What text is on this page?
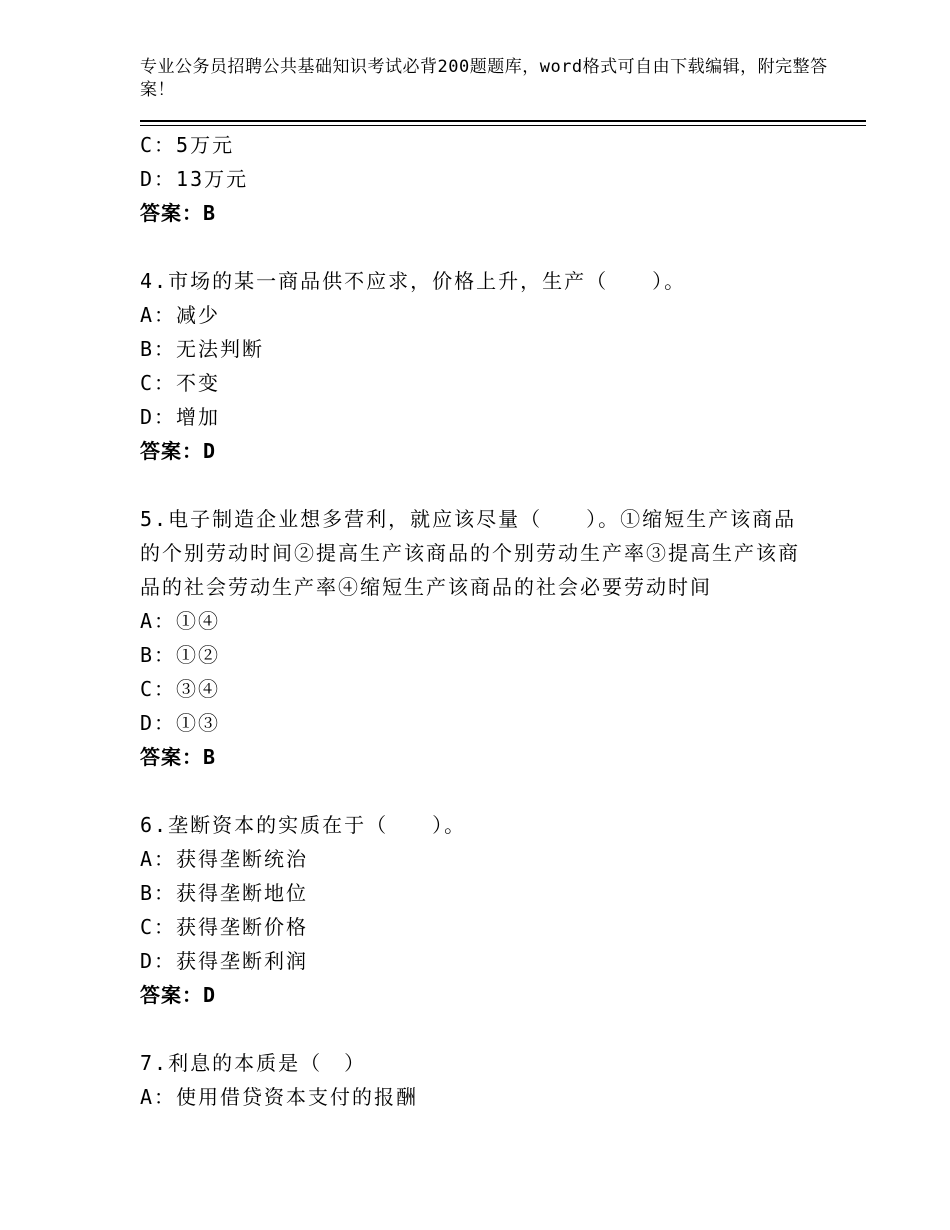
专业公务员招聘公共基础知识考试必背200题题库，word格式可自由下载编辑，附完整答案！
C：5万元
D：13万元
答案：B
4.市场的某一商品供不应求，价格上升，生产（　　）。
A：减少
B：无法判断
C：不变
D：增加
答案：D
5.电子制造企业想多营利，就应该尽量（　　）。①缩短生产该商品的个别劳动时间②提高生产该商品的个别劳动生产率③提高生产该商品的社会劳动生产率④缩短生产该商品的社会必要劳动时间
A：①④
B：①②
C：③④
D：①③
答案：B
6.垄断资本的实质在于（　　）。
A：获得垄断统治
B：获得垄断地位
C：获得垄断价格
D：获得垄断利润
答案：D
7.利息的本质是（　）
A：使用借贷资本支付的报酬
